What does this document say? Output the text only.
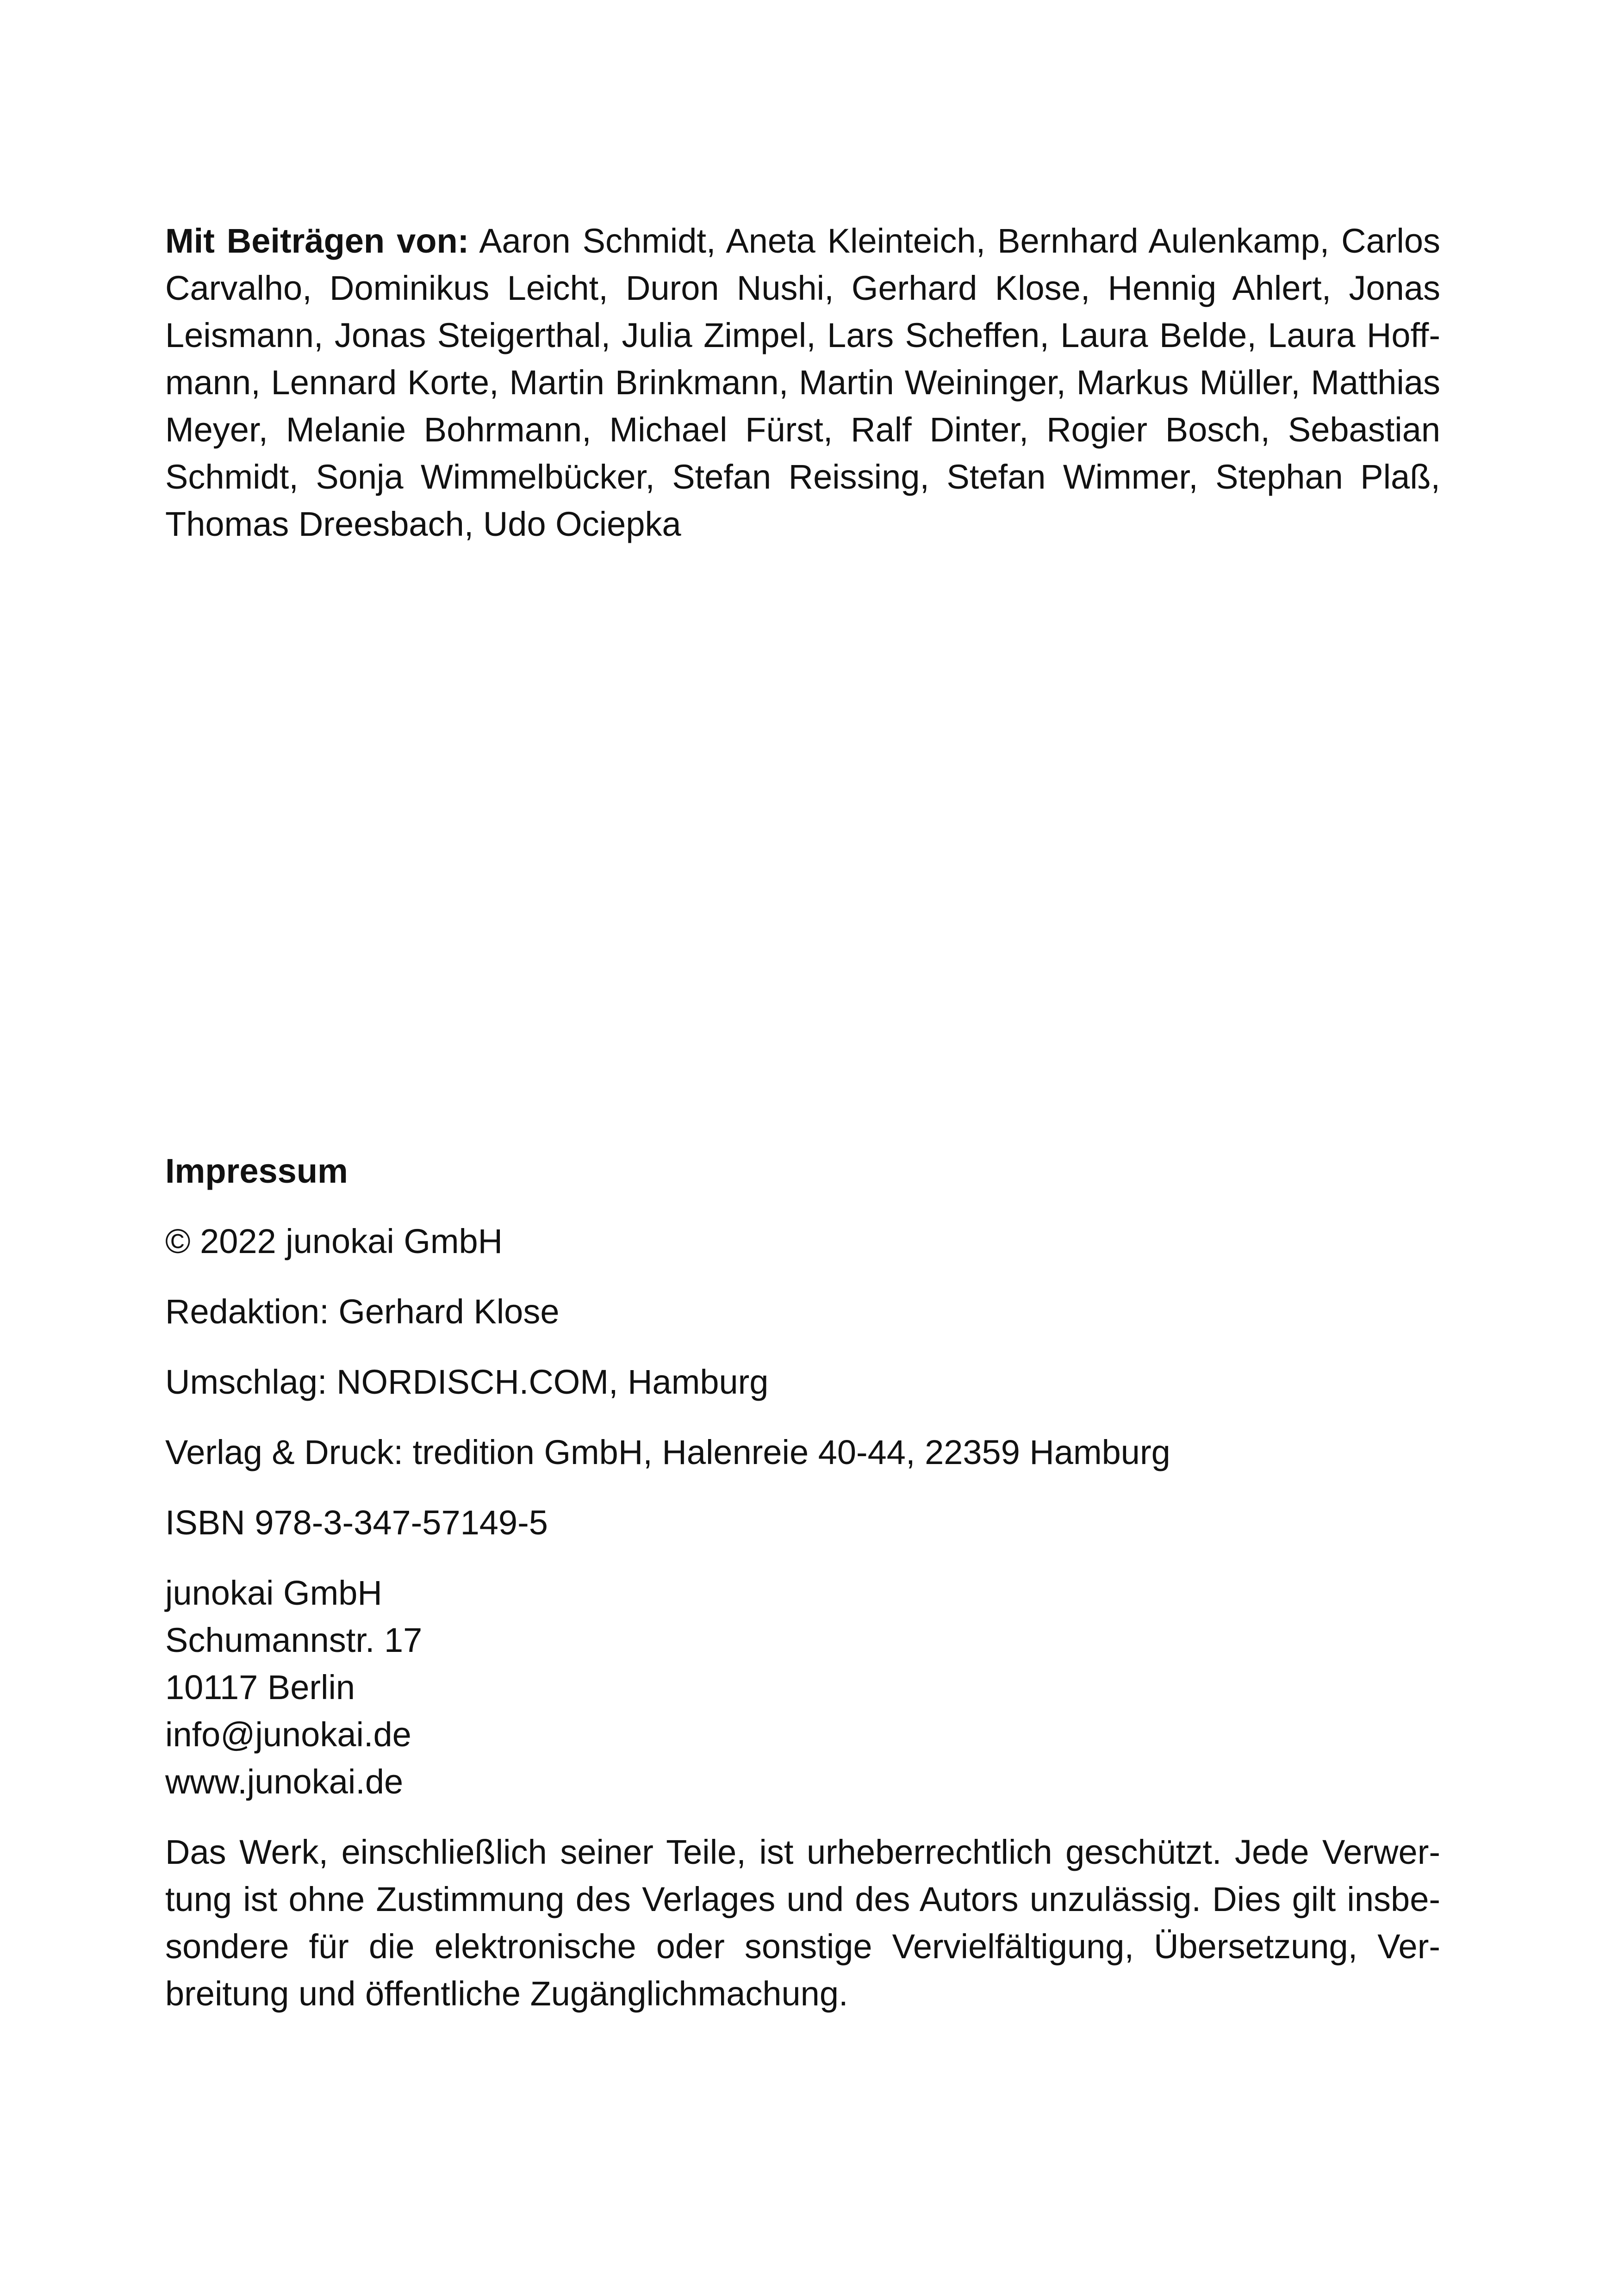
Mit Beiträgen von: Aaron Schmidt, Aneta Kleinteich, Bernhard Aulenkamp, Carlos Carvalho, Dominikus Leicht, Duron Nushi, Gerhard Klose, Hennig Ahlert, Jonas Leismann, Jonas Steigerthal, Julia Zimpel, Lars Scheffen, Laura Belde, Laura Hoffmann, Lennard Korte, Martin Brinkmann, Martin Weininger, Markus Müller, Matthias Meyer, Melanie Bohrmann, Michael Fürst, Ralf Dinter, Rogier Bosch, Sebastian Schmidt, Sonja Wimmelbücker, Stefan Reissing, Stefan Wimmer, Stephan Plaß, Thomas Dreesbach, Udo Ociepka

Impressum

© 2022 junokai GmbH

Redaktion: Gerhard Klose

Umschlag: NORDISCH.COM, Hamburg

Verlag & Druck: tredition GmbH, Halenreie 40-44, 22359 Hamburg

ISBN 978-3-347-57149-5

junokai GmbH
Schumannstr. 17
10117 Berlin
info@junokai.de
www.junokai.de

Das Werk, einschließlich seiner Teile, ist urheberrechtlich geschützt. Jede Verwertung ist ohne Zustimmung des Verlages und des Autors unzulässig. Dies gilt insbesondere für die elektronische oder sonstige Vervielfältigung, Übersetzung, Verbreitung und öffentliche Zugänglichmachung.
